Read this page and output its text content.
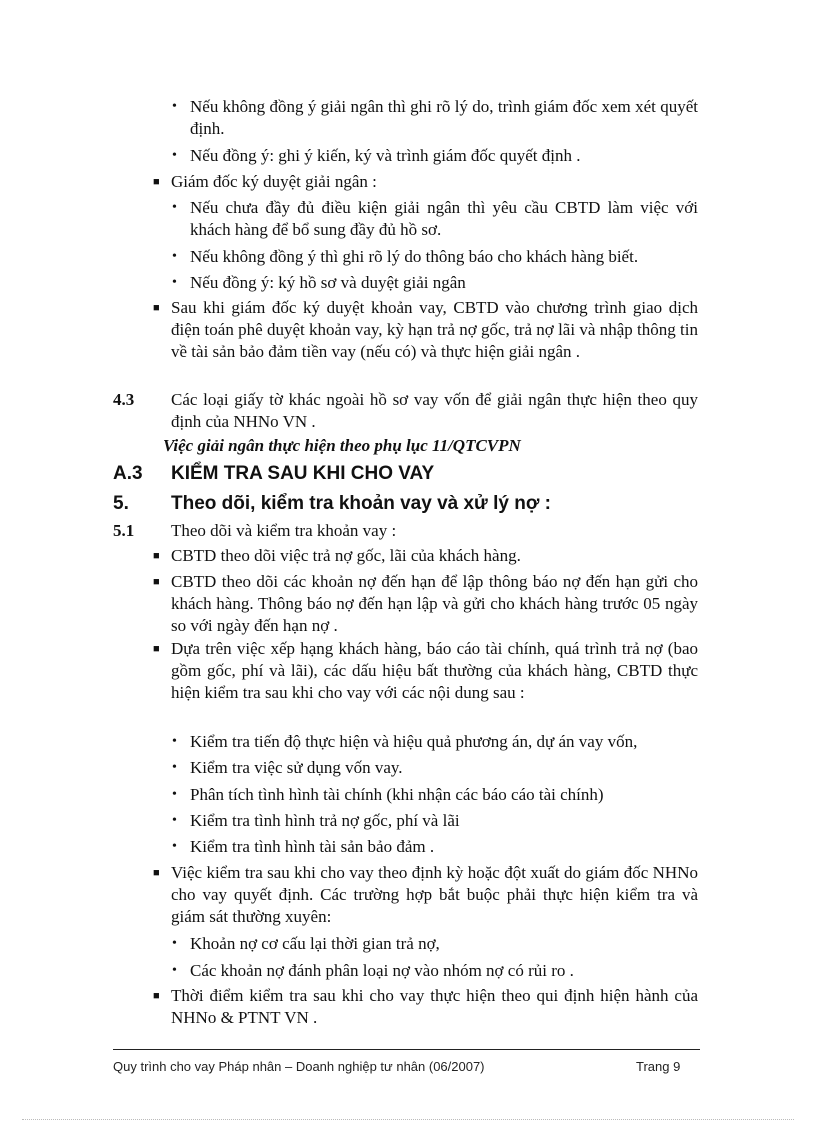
• Nếu không đồng ý giải ngân thì ghi rõ lý do, trình giám đốc xem xét quyết định.
• Nếu đồng ý: ghi ý kiến, ký và trình giám đốc quyết định .
■ Giám đốc ký duyệt giải ngân :
• Nếu chưa đầy đủ điều kiện giải ngân thì yêu cầu CBTD làm việc với khách hàng để bổ sung đầy đủ hồ sơ.
• Nếu không đồng ý thì ghi rõ lý do thông báo cho khách hàng biết.
• Nếu đồng ý: ký hồ sơ và duyệt giải ngân
■ Sau khi giám đốc ký duyệt khoản vay, CBTD vào chương trình giao dịch điện toán phê duyệt khoản vay, kỳ hạn trả nợ gốc, trả nợ lãi và nhập thông tin về tài sản bảo đảm tiền vay (nếu có) và thực hiện giải ngân .
4.3 Các loại giấy tờ khác ngoài hồ sơ vay vốn để giải ngân thực hiện theo quy định của NHNo VN .
Việc giải ngân thực hiện theo phụ lục 11/QTCVPN
A.3 KIỂM TRA SAU KHI CHO VAY
5. Theo dõi, kiểm tra khoản vay và xử lý nợ :
5.1 Theo dõi và kiểm tra khoản vay :
■ CBTD theo dõi việc trả nợ gốc, lãi của khách hàng.
■ CBTD theo dõi các khoản nợ đến hạn để lập thông báo nợ đến hạn gửi cho khách hàng. Thông báo nợ đến hạn lập và gửi cho khách hàng trước 05 ngày so với ngày đến hạn nợ .
■ Dựa trên việc xếp hạng khách hàng, báo cáo tài chính, quá trình trả nợ (bao gồm gốc, phí và lãi), các dấu hiệu bất thường của khách hàng, CBTD thực hiện kiểm tra sau khi cho vay với các nội dung sau :
• Kiểm tra tiến độ thực hiện và hiệu quả phương án, dự án vay vốn,
• Kiểm tra việc sử dụng vốn vay.
• Phân tích tình hình tài chính (khi nhận các báo cáo tài chính)
• Kiểm tra tình hình trả nợ gốc, phí và lãi
• Kiểm tra tình hình tài sản bảo đảm .
■ Việc kiểm tra sau khi cho vay theo định kỳ hoặc đột xuất do giám đốc NHNo cho vay quyết định. Các trường hợp bắt buộc phải thực hiện kiểm tra và giám sát thường xuyên:
• Khoản nợ cơ cấu lại thời gian trả nợ,
• Các khoản nợ đánh phân loại nợ vào nhóm nợ có rủi ro .
■ Thời điểm kiểm tra sau khi cho vay thực hiện theo qui định hiện hành của NHNo & PTNT VN .
Quy trình cho vay Pháp nhân – Doanh nghiệp tư nhân (06/2007)	Trang 9
